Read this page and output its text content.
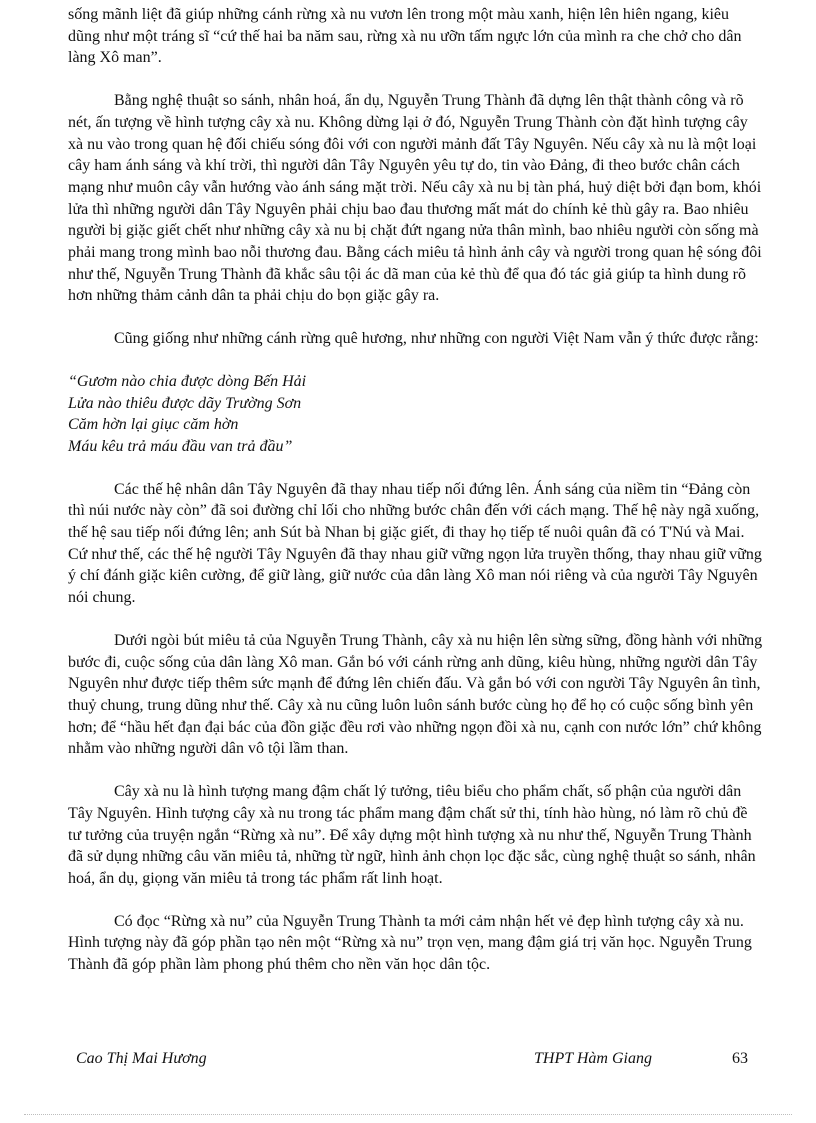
sống mãnh liệt đã giúp những cánh rừng xà nu vươn lên trong một màu xanh, hiện lên hiên ngang, kiêu dũng như một tráng sĩ “cứ thế hai ba năm sau, rừng xà nu ưỡn tấm ngực lớn của mình ra che chở cho dân làng Xô man”.

Bằng nghệ thuật so sánh, nhân hoá, ẩn dụ, Nguyễn Trung Thành đã dựng lên thật thành công và rõ nét, ấn tượng về hình tượng cây xà nu. Không dừng lại ở đó, Nguyễn Trung Thành còn đặt hình tượng cây xà nu vào trong quan hệ đối chiếu sóng đôi với con người mảnh đất Tây Nguyên. Nếu cây xà nu là một loại cây ham ánh sáng và khí trời, thì người dân Tây Nguyên yêu tự do, tin vào Đảng, đi theo bước chân cách mạng như muôn cây vẫn hướng vào ánh sáng mặt trời. Nếu cây xà nu bị tàn phá, huỷ diệt bởi đạn bom, khói lửa thì những người dân Tây Nguyên phải chịu bao đau thương mất mát do chính kẻ thù gây ra. Bao nhiêu người bị giặc giết chết như những cây xà nu bị chặt đứt ngang nửa thân mình, bao nhiêu người còn sống mà phải mang trong mình bao nỗi thương đau. Bằng cách miêu tả hình ảnh cây và người trong quan hệ sóng đôi như thế, Nguyễn Trung Thành đã khắc sâu tội ác dã man của kẻ thù để qua đó tác giả giúp ta hình dung rõ hơn những thảm cảnh dân ta phải chịu do bọn giặc gây ra.

Cũng giống như những cánh rừng quê hương, như những con người Việt Nam vẫn ý thức được rằng:

“Gươm nào chia được dòng Bến Hải
Lửa nào thiêu được dãy Trường Sơn
Căm hờn lại giục căm hờn
Máu kêu trả máu đầu van trả đầu”

Các thế hệ nhân dân Tây Nguyên đã thay nhau tiếp nối đứng lên. Ánh sáng của niềm tin “Đảng còn thì núi nước này còn” đã soi đường chỉ lối cho những bước chân đến với cách mạng. Thế hệ này ngã xuống, thế hệ sau tiếp nối đứng lên; anh Sút bà Nhan bị giặc giết, đi thay họ tiếp tế nuôi quân đã có T'Nú và Mai. Cứ như thế, các thế hệ người Tây Nguyên đã thay nhau giữ vững ngọn lửa truyền thống, thay nhau giữ vững ý chí đánh giặc kiên cường, để giữ làng, giữ nước của dân làng Xô man nói riêng và của người Tây Nguyên nói chung.

Dưới ngòi bút miêu tả của Nguyễn Trung Thành, cây xà nu hiện lên sừng sững, đồng hành với những bước đi, cuộc sống của dân làng Xô man. Gắn bó với cánh rừng anh dũng, kiêu hùng, những người dân Tây Nguyên như được tiếp thêm sức mạnh để đứng lên chiến đấu. Và gắn bó với con người Tây Nguyên ân tình, thuỷ chung, trung dũng như thế. Cây xà nu cũng luôn luôn sánh bước cùng họ để họ có cuộc sống bình yên hơn; để “hầu hết đạn đại bác của đồn giặc đều rơi vào những ngọn đồi xà nu, cạnh con nước lớn” chứ không nhằm vào những người dân vô tội lầm than.

Cây xà nu là hình tượng mang đậm chất lý tưởng, tiêu biểu cho phẩm chất, số phận của người dân Tây Nguyên. Hình tượng cây xà nu trong tác phẩm mang đậm chất sử thi, tính hào hùng, nó làm rõ chủ đề tư tưởng của truyện ngắn “Rừng xà nu”. Để xây dựng một hình tượng xà nu như thế, Nguyễn Trung Thành đã sử dụng những câu văn miêu tả, những từ ngữ, hình ảnh chọn lọc đặc sắc, cùng nghệ thuật so sánh, nhân hoá, ẩn dụ, giọng văn miêu tả trong tác phẩm rất linh hoạt.

Có đọc “Rừng xà nu” của Nguyễn Trung Thành ta mới cảm nhận hết vẻ đẹp hình tượng cây xà nu. Hình tượng này đã góp phần tạo nên một “Rừng xà nu” trọn vẹn, mang đậm giá trị văn học. Nguyễn Trung Thành đã góp phần làm phong phú thêm cho nền văn học dân tộc.

Cao Thị Mai Hương	THPT Hàm Giang	63
